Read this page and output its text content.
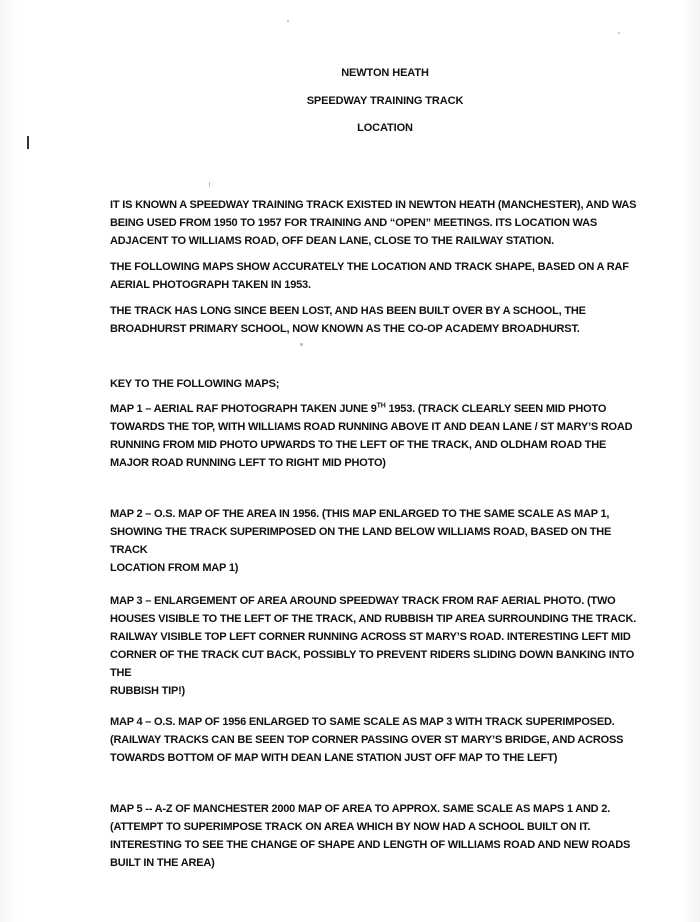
NEWTON HEATH
SPEEDWAY TRAINING TRACK
LOCATION

IT IS KNOWN A SPEEDWAY TRAINING TRACK EXISTED IN NEWTON HEATH (MANCHESTER), AND WAS
BEING USED FROM 1950 TO 1957 FOR TRAINING AND “OPEN” MEETINGS. ITS LOCATION WAS
ADJACENT TO WILLIAMS ROAD, OFF DEAN LANE, CLOSE TO THE RAILWAY STATION.

THE FOLLOWING MAPS SHOW ACCURATELY THE LOCATION AND TRACK SHAPE, BASED ON A RAF
AERIAL PHOTOGRAPH TAKEN IN 1953.

THE TRACK HAS LONG SINCE BEEN LOST, AND HAS BEEN BUILT OVER BY A SCHOOL, THE
BROADHURST PRIMARY SCHOOL, NOW KNOWN AS THE CO-OP ACADEMY BROADHURST.

KEY TO THE FOLLOWING MAPS;

MAP 1 – AERIAL RAF PHOTOGRAPH TAKEN JUNE 9TH 1953. (TRACK CLEARLY SEEN MID PHOTO
TOWARDS THE TOP, WITH WILLIAMS ROAD RUNNING ABOVE IT AND DEAN LANE / ST MARY’S ROAD
RUNNING FROM MID PHOTO UPWARDS TO THE LEFT OF THE TRACK, AND OLDHAM ROAD THE
MAJOR ROAD RUNNING LEFT TO RIGHT MID PHOTO)

MAP 2 – O.S. MAP OF THE AREA IN 1956. (THIS MAP ENLARGED TO THE SAME SCALE AS MAP 1,
SHOWING THE TRACK SUPERIMPOSED ON THE LAND BELOW WILLIAMS ROAD, BASED ON THE TRACK
LOCATION FROM MAP 1)

MAP 3 – ENLARGEMENT OF AREA AROUND SPEEDWAY TRACK FROM RAF AERIAL PHOTO. (TWO
HOUSES VISIBLE TO THE LEFT OF THE TRACK, AND RUBBISH TIP AREA SURROUNDING THE TRACK.
RAILWAY VISIBLE TOP LEFT CORNER RUNNING ACROSS ST MARY’S ROAD. INTERESTING LEFT MID
CORNER OF THE TRACK CUT BACK, POSSIBLY TO PREVENT RIDERS SLIDING DOWN BANKING INTO THE
RUBBISH TIP!)

MAP 4 – O.S. MAP OF 1956 ENLARGED TO SAME SCALE AS MAP 3 WITH TRACK SUPERIMPOSED.
(RAILWAY TRACKS CAN BE SEEN TOP CORNER PASSING OVER ST MARY’S BRIDGE, AND ACROSS
TOWARDS BOTTOM OF MAP WITH DEAN LANE STATION JUST OFF MAP TO THE LEFT)

MAP 5 -- A-Z OF MANCHESTER 2000 MAP OF AREA TO APPROX. SAME SCALE AS MAPS 1 AND 2.
(ATTEMPT TO SUPERIMPOSE TRACK ON AREA WHICH BY NOW HAD A SCHOOL BUILT ON IT.
INTERESTING TO SEE THE CHANGE OF SHAPE AND LENGTH OF WILLIAMS ROAD AND NEW ROADS
BUILT IN THE AREA)
